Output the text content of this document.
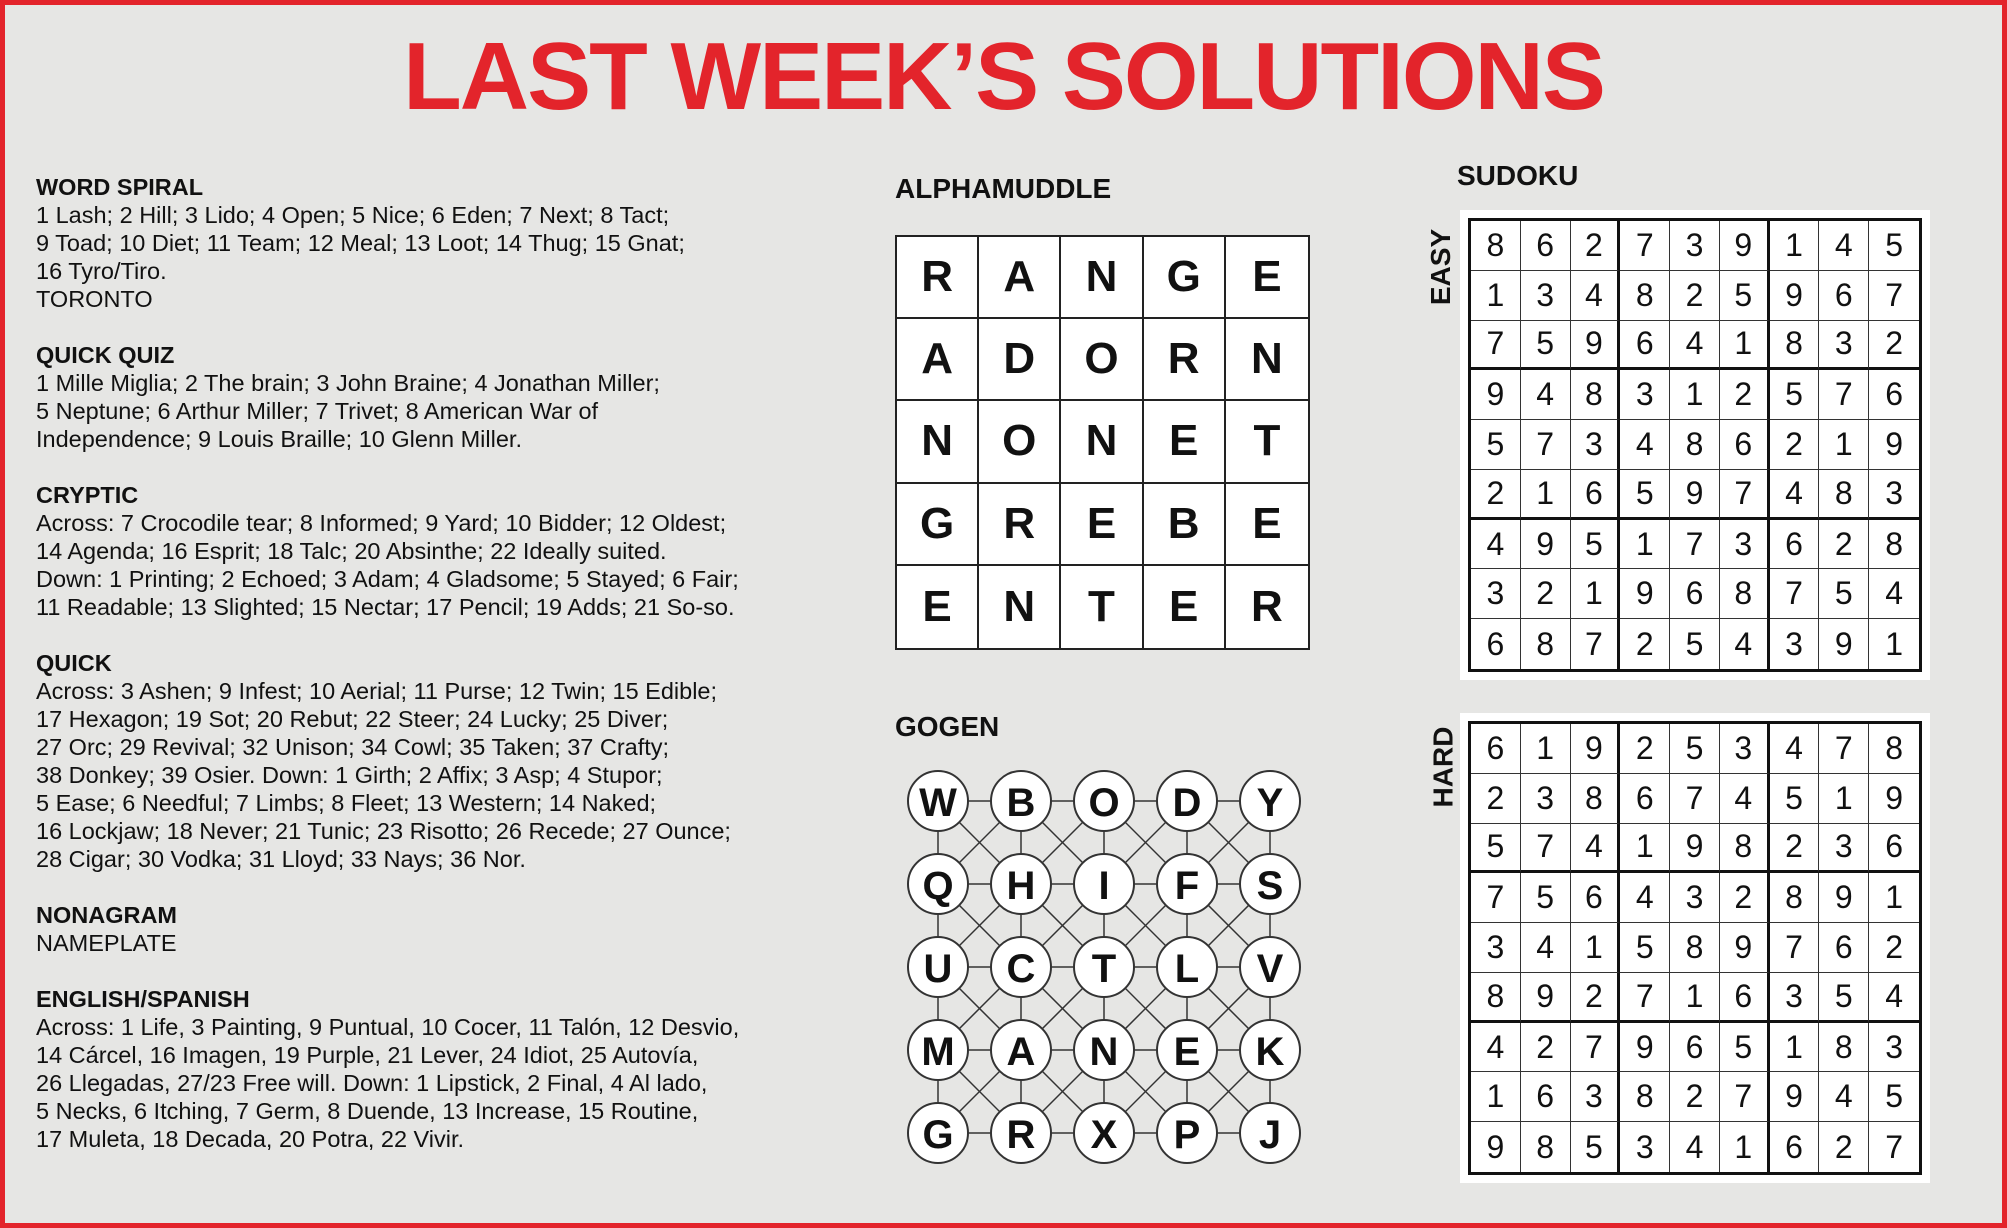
LAST WEEK’S SOLUTIONS
WORD SPIRAL
1 Lash; 2 Hill; 3 Lido; 4 Open; 5 Nice; 6 Eden; 7 Next; 8 Tact;
9 Toad; 10 Diet; 11 Team; 12 Meal; 13 Loot; 14 Thug; 15 Gnat;
16 Tyro/Tiro.
TORONTO
QUICK QUIZ
1 Mille Miglia; 2 The brain; 3 John Braine; 4 Jonathan Miller;
5 Neptune; 6 Arthur Miller; 7 Trivet; 8 American War of
Independence; 9 Louis Braille; 10 Glenn Miller.
CRYPTIC
Across: 7 Crocodile tear; 8 Informed; 9 Yard; 10 Bidder; 12 Oldest;
14 Agenda; 16 Esprit; 18 Talc; 20 Absinthe; 22 Ideally suited.
Down: 1 Printing; 2 Echoed; 3 Adam; 4 Gladsome; 5 Stayed; 6 Fair;
11 Readable; 13 Slighted; 15 Nectar; 17 Pencil; 19 Adds; 21 So-so.
QUICK
Across: 3 Ashen; 9 Infest; 10 Aerial; 11 Purse; 12 Twin; 15 Edible;
17 Hexagon; 19 Sot; 20 Rebut; 22 Steer; 24 Lucky; 25 Diver;
27 Orc; 29 Revival; 32 Unison; 34 Cowl; 35 Taken; 37 Crafty;
38 Donkey; 39 Osier. Down: 1 Girth; 2 Affix; 3 Asp; 4 Stupor;
5 Ease; 6 Needful; 7 Limbs; 8 Fleet; 13 Western; 14 Naked;
16 Lockjaw; 18 Never; 21 Tunic; 23 Risotto; 26 Recede; 27 Ounce;
28 Cigar; 30 Vodka; 31 Lloyd; 33 Nays; 36 Nor.
NONAGRAM
NAMEPLATE
ENGLISH/SPANISH
Across: 1 Life, 3 Painting, 9 Puntual, 10 Cocer, 11 Talón, 12 Desvio,
14 Cárcel, 16 Imagen, 19 Purple, 21 Lever, 24 Idiot, 25 Autovía,
26 Llegadas, 27/23 Free will. Down: 1 Lipstick, 2 Final, 4 Al lado,
5 Necks, 6 Itching, 7 Germ, 8 Duende, 13 Increase, 15 Routine,
17 Muleta, 18 Decada, 20 Potra, 22 Vivir.
ALPHAMUDDLE
R	A	N	G	E
A	D	O	R	N
N	O	N	E	T
G	R	E	B	E
E	N	T	E	R
GOGEN
W B O D Y
Q H I F S
U C T L V
M A N E K
G R X P J
SUDOKU
EASY 8 6 2	7 3 9	1 4	5
1 3 4	8 2 5	9 6	7
7 5 9	6 4 1	8 3	2
9 4 8	3 1 2	5 7	6
5 7 3	4 8 6	2 1	9
2 1 6	5 9 7	4 8	3
4 9 5	1 7 3	6 2	8
3 2 1	9 6 8	7 5	4
6 8 7	2 5 4	3 9	1
HARD 6 1 9	2 5 3	4 7	8
2 3 8	6 7 4	5 1	9
5 7 4	1 9 8	2 3	6
7 5 6	4 3 2	8 9	1
3 4 1	5 8 9	7 6	2
8 9 2	7 1 6	3 5	4
4 2 7	9 6 5	1 8	3
1 6 3	8 2 7	9 4	5
9 8 5	3 4 1	6 2	7
